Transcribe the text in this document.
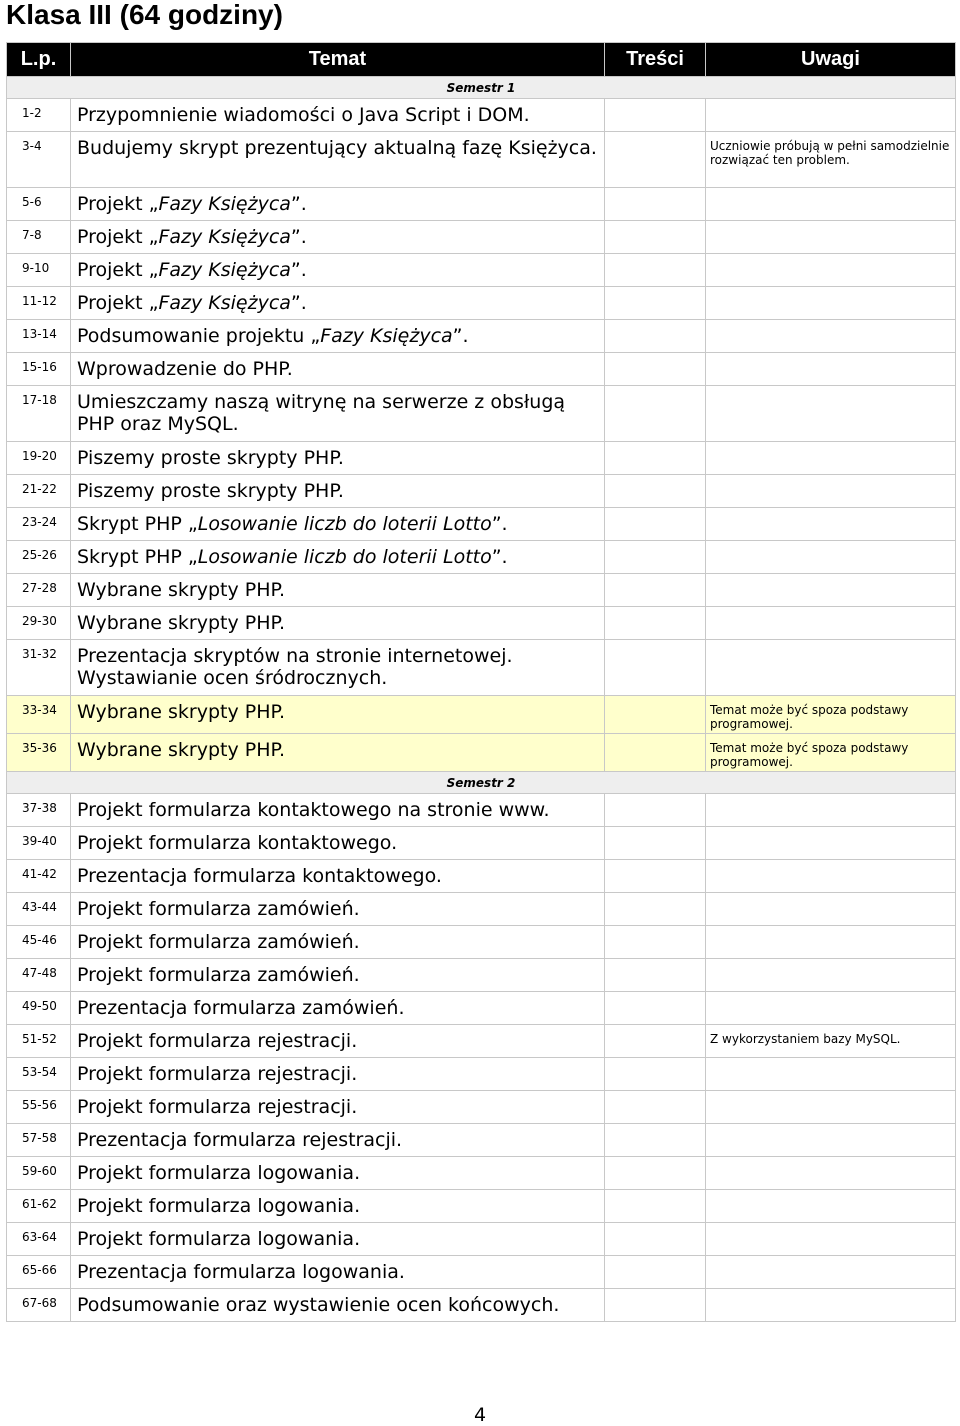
Klasa III (64 godziny)
L.p.	Temat	Treści	Uwagi
Semestr 1			
1-2	Przypomnienie wiadomości o Java Script i DOM.		
3-4	Budujemy skrypt prezentujący aktualną fazę Księżyca.		Uczniowie próbują w pełni samodzielnie rozwiązać ten problem.
5-6	Projekt „Fazy Księżyca”.		
7-8	Projekt „Fazy Księżyca”.		
9-10	Projekt „Fazy Księżyca”.		
11-12	Projekt „Fazy Księżyca”.		
13-14	Podsumowanie projektu „Fazy Księżyca”.		
15-16	Wprowadzenie do PHP.		
17-18	Umieszczamy naszą witrynę na serwerze z obsługą PHP oraz MySQL.		
19-20	Piszemy proste skrypty PHP.		
21-22	Piszemy proste skrypty PHP.		
23-24	Skrypt PHP „Losowanie liczb do loterii Lotto”.		
25-26	Skrypt PHP „Losowanie liczb do loterii Lotto”.		
27-28	Wybrane skrypty PHP.		
29-30	Wybrane skrypty PHP.		
31-32	Prezentacja skryptów na stronie internetowej. Wystawianie ocen śródrocznych.		
33-34	Wybrane skrypty PHP.		Temat może być spoza podstawy programowej.
35-36	Wybrane skrypty PHP.		Temat może być spoza podstawy programowej.
Semestr 2			
37-38	Projekt formularza kontaktowego na stronie www.		
39-40	Projekt formularza kontaktowego.		
41-42	Prezentacja formularza kontaktowego.		
43-44	Projekt formularza zamówień.		
45-46	Projekt formularza zamówień.		
47-48	Projekt formularza zamówień.		
49-50	Prezentacja formularza zamówień.		
51-52	Projekt formularza rejestracji.		Z wykorzystaniem bazy MySQL.
53-54	Projekt formularza rejestracji.		
55-56	Projekt formularza rejestracji.		
57-58	Prezentacja formularza rejestracji.		
59-60	Projekt formularza logowania.		
61-62	Projekt formularza logowania.		
63-64	Projekt formularza logowania.		
65-66	Prezentacja formularza logowania.		
67-68	Podsumowanie oraz wystawienie ocen końcowych.		
4
